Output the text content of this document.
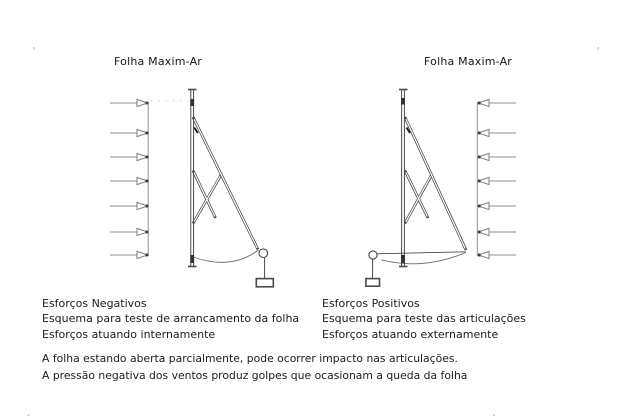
Folha Maxim-Ar	Folha Maxim-Ar
Esforços Negativos
Esquema para teste de arrancamento da folha
Esforços atuando internamente
Esforços Positivos
Esquema para teste das articulações
Esforços atuando externamente
A folha estando aberta parcialmente, pode ocorrer impacto nas articulações.
A pressão negativa dos ventos produz golpes que ocasionam a queda da folha
